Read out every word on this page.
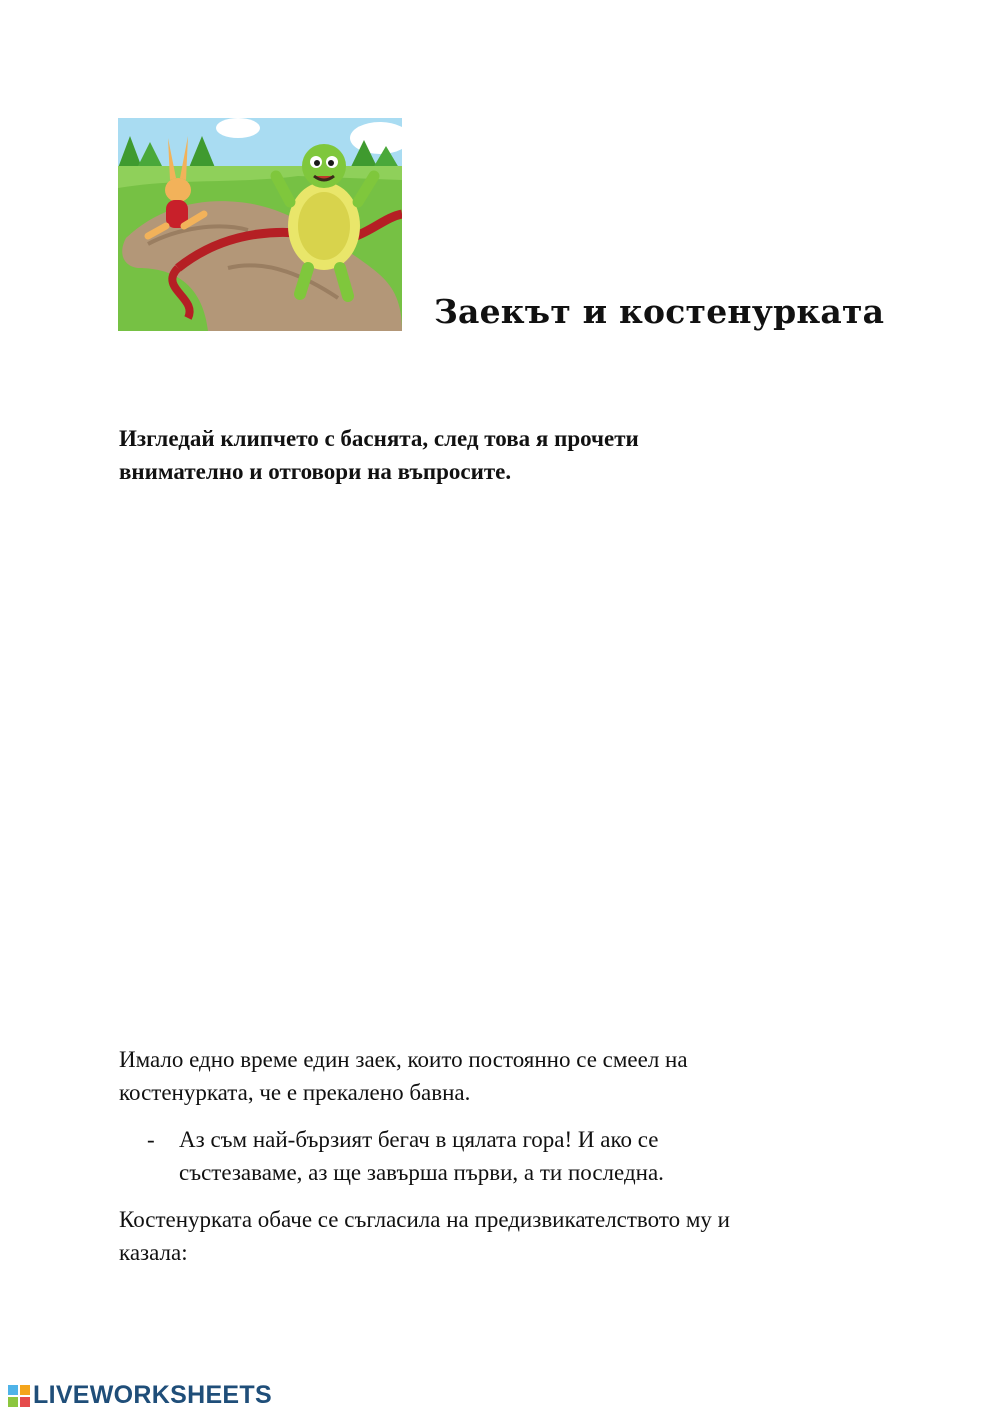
Заекът и костенурката
Изгледай клипчето с баснята, след това я прочети
внимателно и отговори на въпросите.

Имало едно време един заек, които постоянно се смеел на
костенурката, че е прекалено бавна.

-	Аз съм най-бързият бегач в цялата гора! И ако се
състезаваме, аз ще завърша първи, а ти последна.

Костенурката обаче се съгласила на предизвикателството му и
казала:

LIVEWORKSHEETS
